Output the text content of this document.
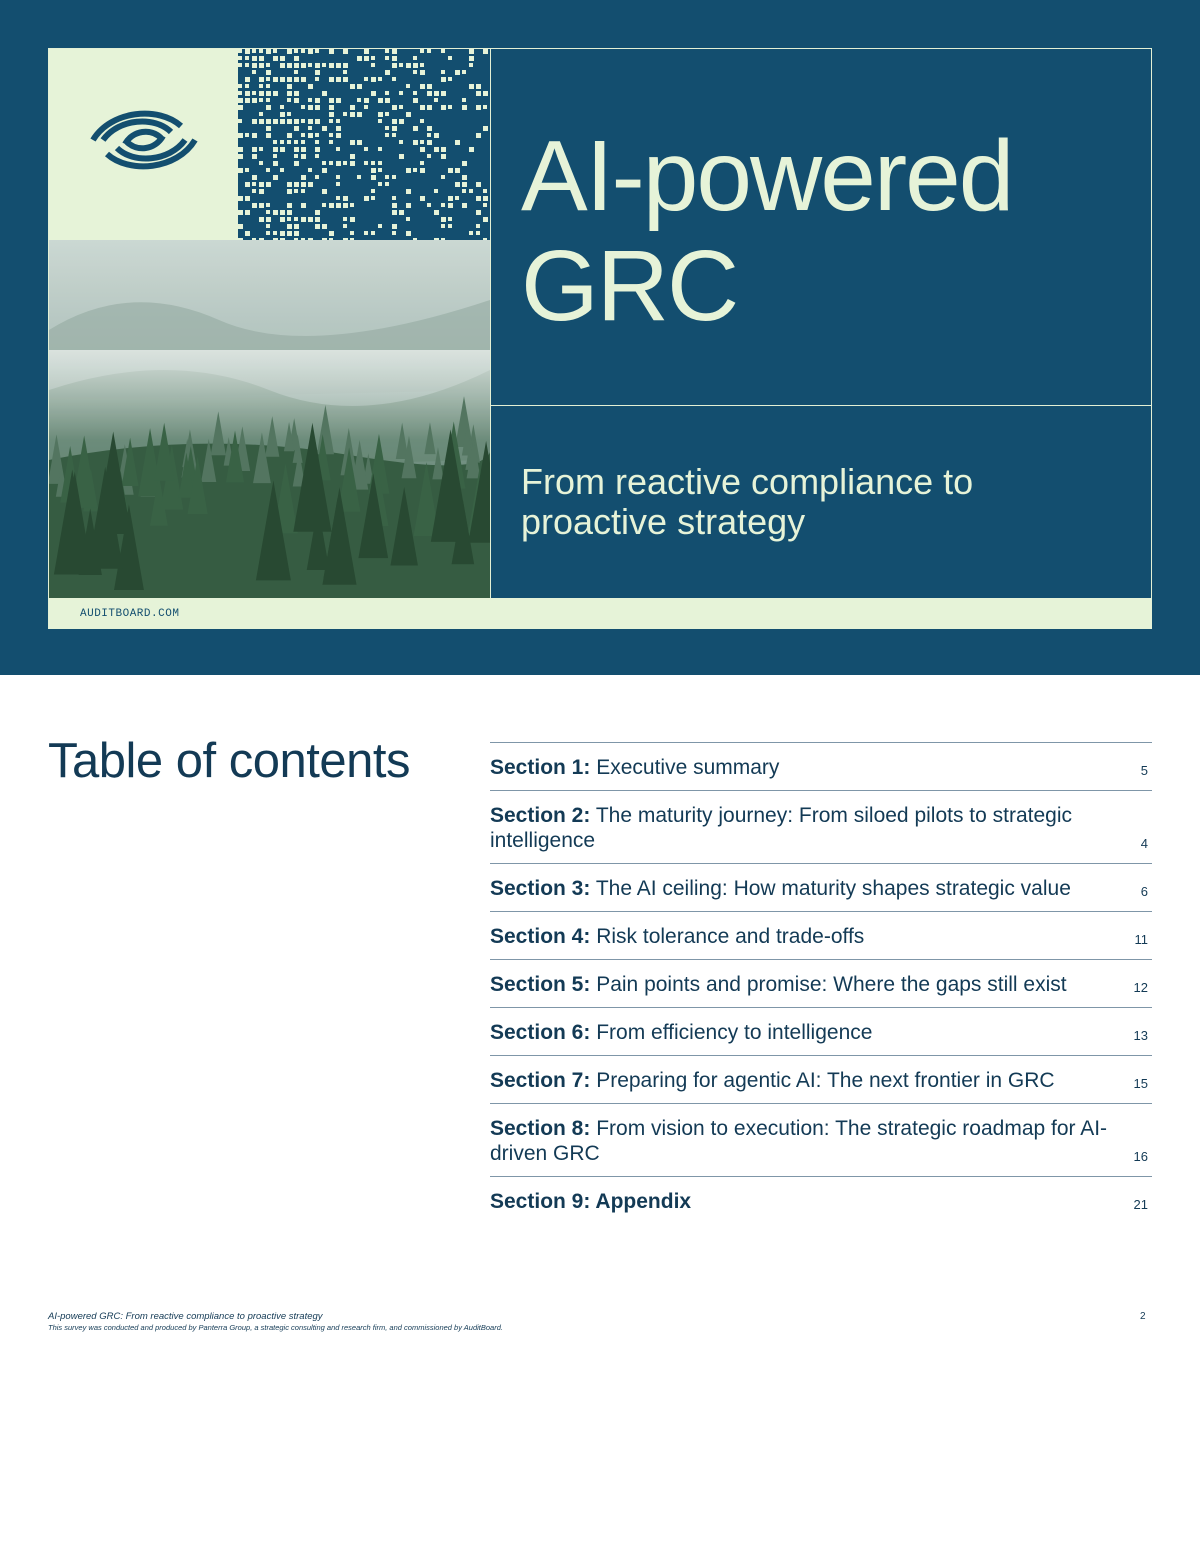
AI-powered
GRC

From reactive compliance to proactive strategy

AUDITBOARD.COM
Table of contents	Section 1: Executive summary	5
Section 2: The maturity journey: From siloed pilots to strategic intelligence	4
Section 3: The AI ceiling: How maturity shapes strategic value	6
Section 4: Risk tolerance and trade-offs	11
Section 5: Pain points and promise: Where the gaps still exist	12
Section 6: From efficiency to intelligence	13
Section 7: Preparing for agentic AI: The next frontier in GRC	15
Section 8: From vision to execution: The strategic roadmap for AI-driven GRC	16
Section 9: Appendix	21
AI-powered GRC: From reactive compliance to proactive strategy
This survey was conducted and produced by Panterra Group, a strategic consulting and research firm, and commissioned by AuditBoard.
2
